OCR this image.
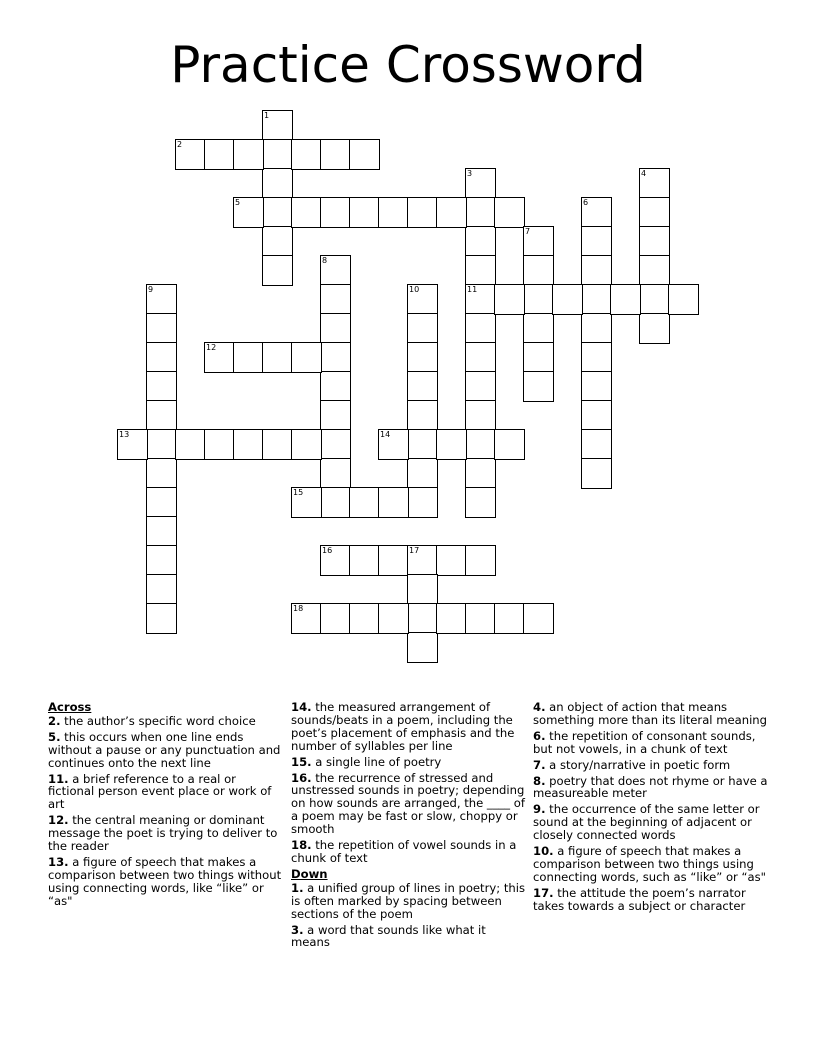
Practice Crossword
1
2
3
11
4
5	6
7
8
9	10
12
13	14
15
16	17
18
Across
2. the author’s specific word choice
5. this occurs when one line ends without a pause or any punctuation and continues onto the next line
11. a brief reference to a real or fictional person event place or work of art
12. the central meaning or dominant message the poet is trying to deliver to the reader
13. a figure of speech that makes a comparison between two things without using connecting words, like “like” or “as"
14. the measured arrangement of sounds/beats in a poem, including the poet’s placement of emphasis and the number of syllables per line
15. a single line of poetry
16. the recurrence of stressed and unstressed sounds in poetry; depending on how sounds are arranged, the ____ of a poem may be fast or slow, choppy or smooth
18. the repetition of vowel sounds in a chunk of text
Down
1. a unified group of lines in poetry; this is often marked by spacing between sections of the poem
3. a word that sounds like what it means
4. an object of action that means something more than its literal meaning
6. the repetition of consonant sounds, but not vowels, in a chunk of text
7. a story/narrative in poetic form
8. poetry that does not rhyme or have a measureable meter
9. the occurrence of the same letter or sound at the beginning of adjacent or closely connected words
10. a figure of speech that makes a comparison between two things using connecting words, such as “like” or “as"
17. the attitude the poem’s narrator takes towards a subject or character
